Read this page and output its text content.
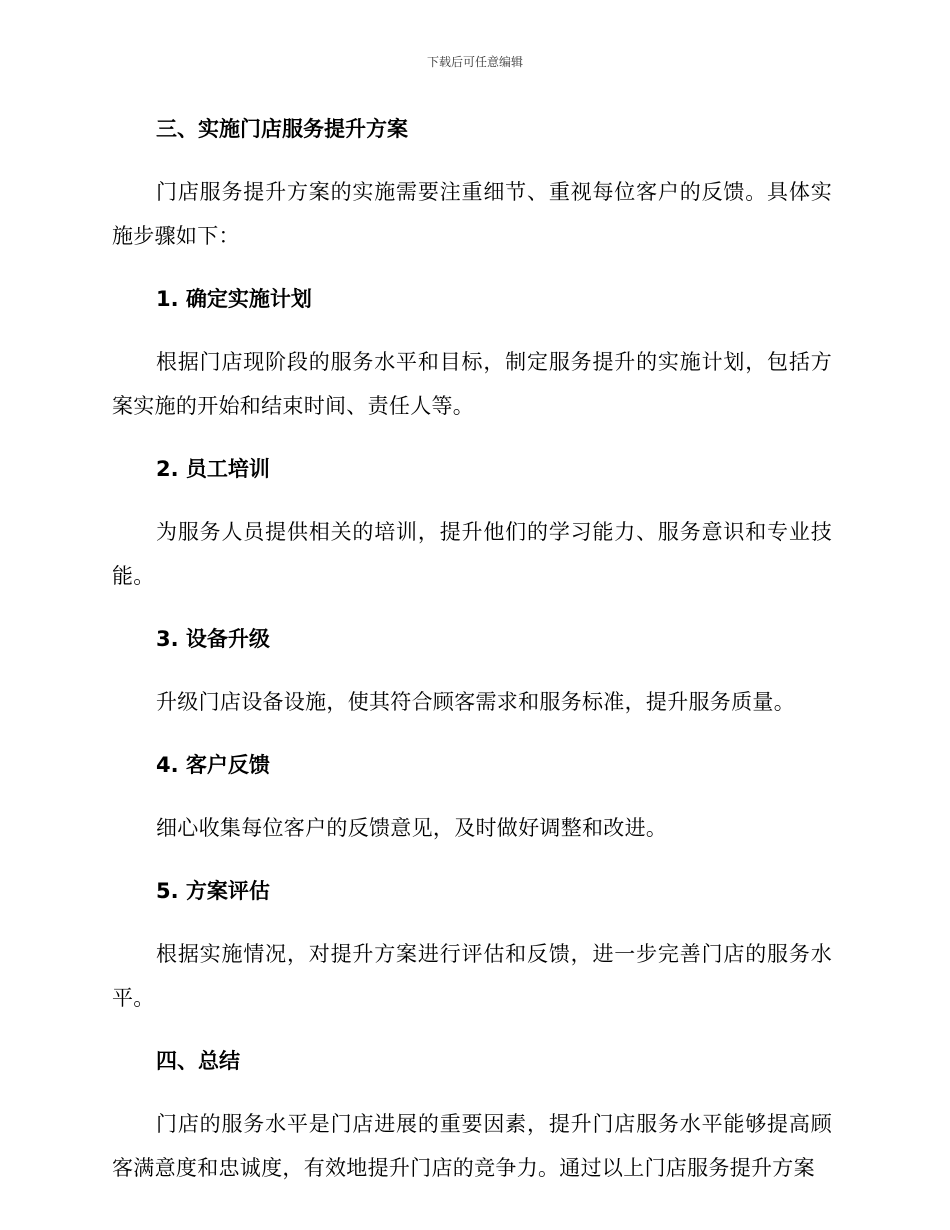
下载后可任意编辑
三、实施门店服务提升方案

门店服务提升方案的实施需要注重细节、重视每位客户的反馈。具体实施步骤如下：

1. 确定实施计划

根据门店现阶段的服务水平和目标，制定服务提升的实施计划，包括方案实施的开始和结束时间、责任人等。

2. 员工培训

为服务人员提供相关的培训，提升他们的学习能力、服务意识和专业技能。

3. 设备升级

升级门店设备设施，使其符合顾客需求和服务标准，提升服务质量。

4. 客户反馈

细心收集每位客户的反馈意见，及时做好调整和改进。

5. 方案评估

根据实施情况，对提升方案进行评估和反馈，进一步完善门店的服务水平。

四、总结

门店的服务水平是门店进展的重要因素，提升门店服务水平能够提高顾客满意度和忠诚度，有效地提升门店的竞争力。通过以上门店服务提升方案
